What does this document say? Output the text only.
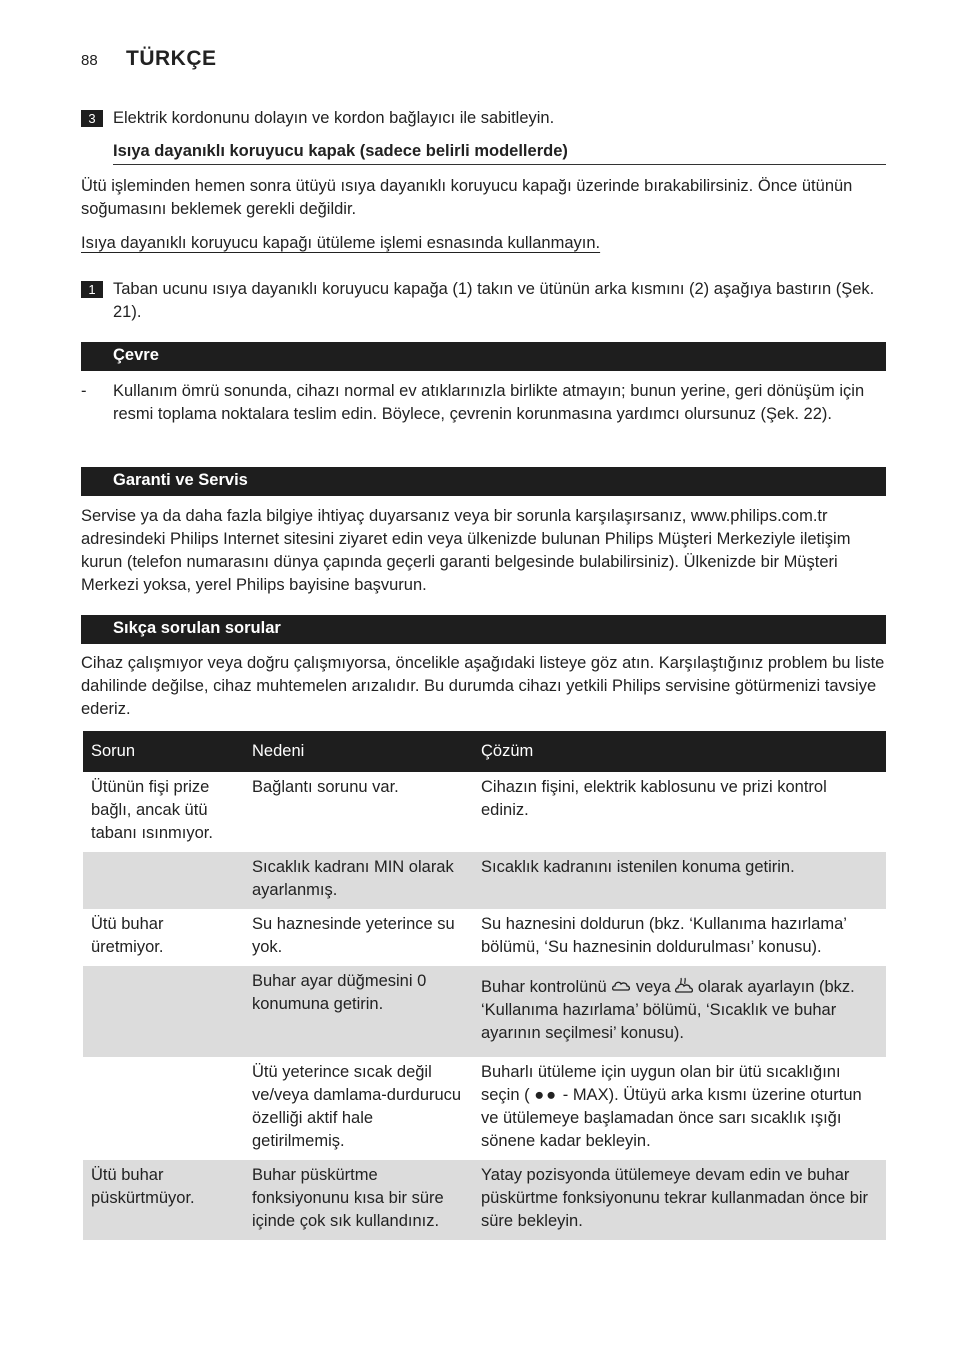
88 TÜRKÇE
3	Elektrik kordonunu dolayın ve kordon bağlayıcı ile sabitleyin.
Isıya dayanıklı koruyucu kapak (sadece belirli modellerde)
Ütü işleminden hemen sonra ütüyü ısıya dayanıklı koruyucu kapağı üzerinde bırakabilirsiniz. Önce ütünün soğumasını beklemek gerekli değildir.
Isıya dayanıklı koruyucu kapağı ütüleme işlemi esnasında kullanmayın.
1	Taban ucunu ısıya dayanıklı koruyucu kapağa (1) takın ve ütünün arka kısmını (2) aşağıya bastırın (Şek. 21).
Çevre
- Kullanım ömrü sonunda, cihazı normal ev atıklarınızla birlikte atmayın; bunun yerine, geri dönüşüm için resmi toplama noktalara teslim edin. Böylece, çevrenin korunmasına yardımcı olursunuz (Şek. 22).
Garanti ve Servis
Servise ya da daha fazla bilgiye ihtiyaç duyarsanız veya bir sorunla karşılaşırsanız, www.philips.com.tr adresindeki Philips Internet sitesini ziyaret edin veya ülkenizde bulunan Philips Müşteri Merkeziyle iletişim kurun (telefon numarasını dünya çapında geçerli garanti belgesinde bulabilirsiniz). Ülkenizde bir Müşteri Merkezi yoksa, yerel Philips bayisine başvurun.
Sıkça sorulan sorular
Cihaz çalışmıyor veya doğru çalışmıyorsa, öncelikle aşağıdaki listeye göz atın. Karşılaştığınız problem bu liste dahilinde değilse, cihaz muhtemelen arızalıdır. Bu durumda cihazı yetkili Philips servisine götürmenizi tavsiye ederiz.
Sorun	Nedeni	Çözüm
Ütünün fişi prize bağlı, ancak ütü tabanı ısınmıyor.	Bağlantı sorunu var.	Cihazın fişini, elektrik kablosunu ve prizi kontrol ediniz.
	Sıcaklık kadranı MIN olarak ayarlanmış.	Sıcaklık kadranını istenilen konuma getirin.
Ütü buhar üretmiyor.	Su haznesinde yeterince su yok.	Su haznesini doldurun (bkz. ‘Kullanıma hazırlama’ bölümü, ‘Su haznesinin doldurulması’ konusu).
	Buhar ayar düğmesini 0 konumuna getirin.	Buhar kontrolünü veya olarak ayarlayın (bkz. ‘Kullanıma hazırlama’ bölümü, ‘Sıcaklık ve buhar ayarının seçilmesi’ konusu).
	Ütü yeterince sıcak değil ve/veya damlama-durdurucu özelliği aktif hale getirilmemiş.	Buharlı ütüleme için uygun olan bir ütü sıcaklığını seçin ( ●● - MAX). Ütüyü arka kısmı üzerine oturtun ve ütülemeye başlamadan önce sarı sıcaklık ışığı sönene kadar bekleyin.
Ütü buhar püskürtmüyor.	Buhar püskürtme fonksiyonunu kısa bir süre içinde çok sık kullandınız.	Yatay pozisyonda ütülemeye devam edin ve buhar püskürtme fonksiyonunu tekrar kullanmadan önce bir süre bekleyin.
